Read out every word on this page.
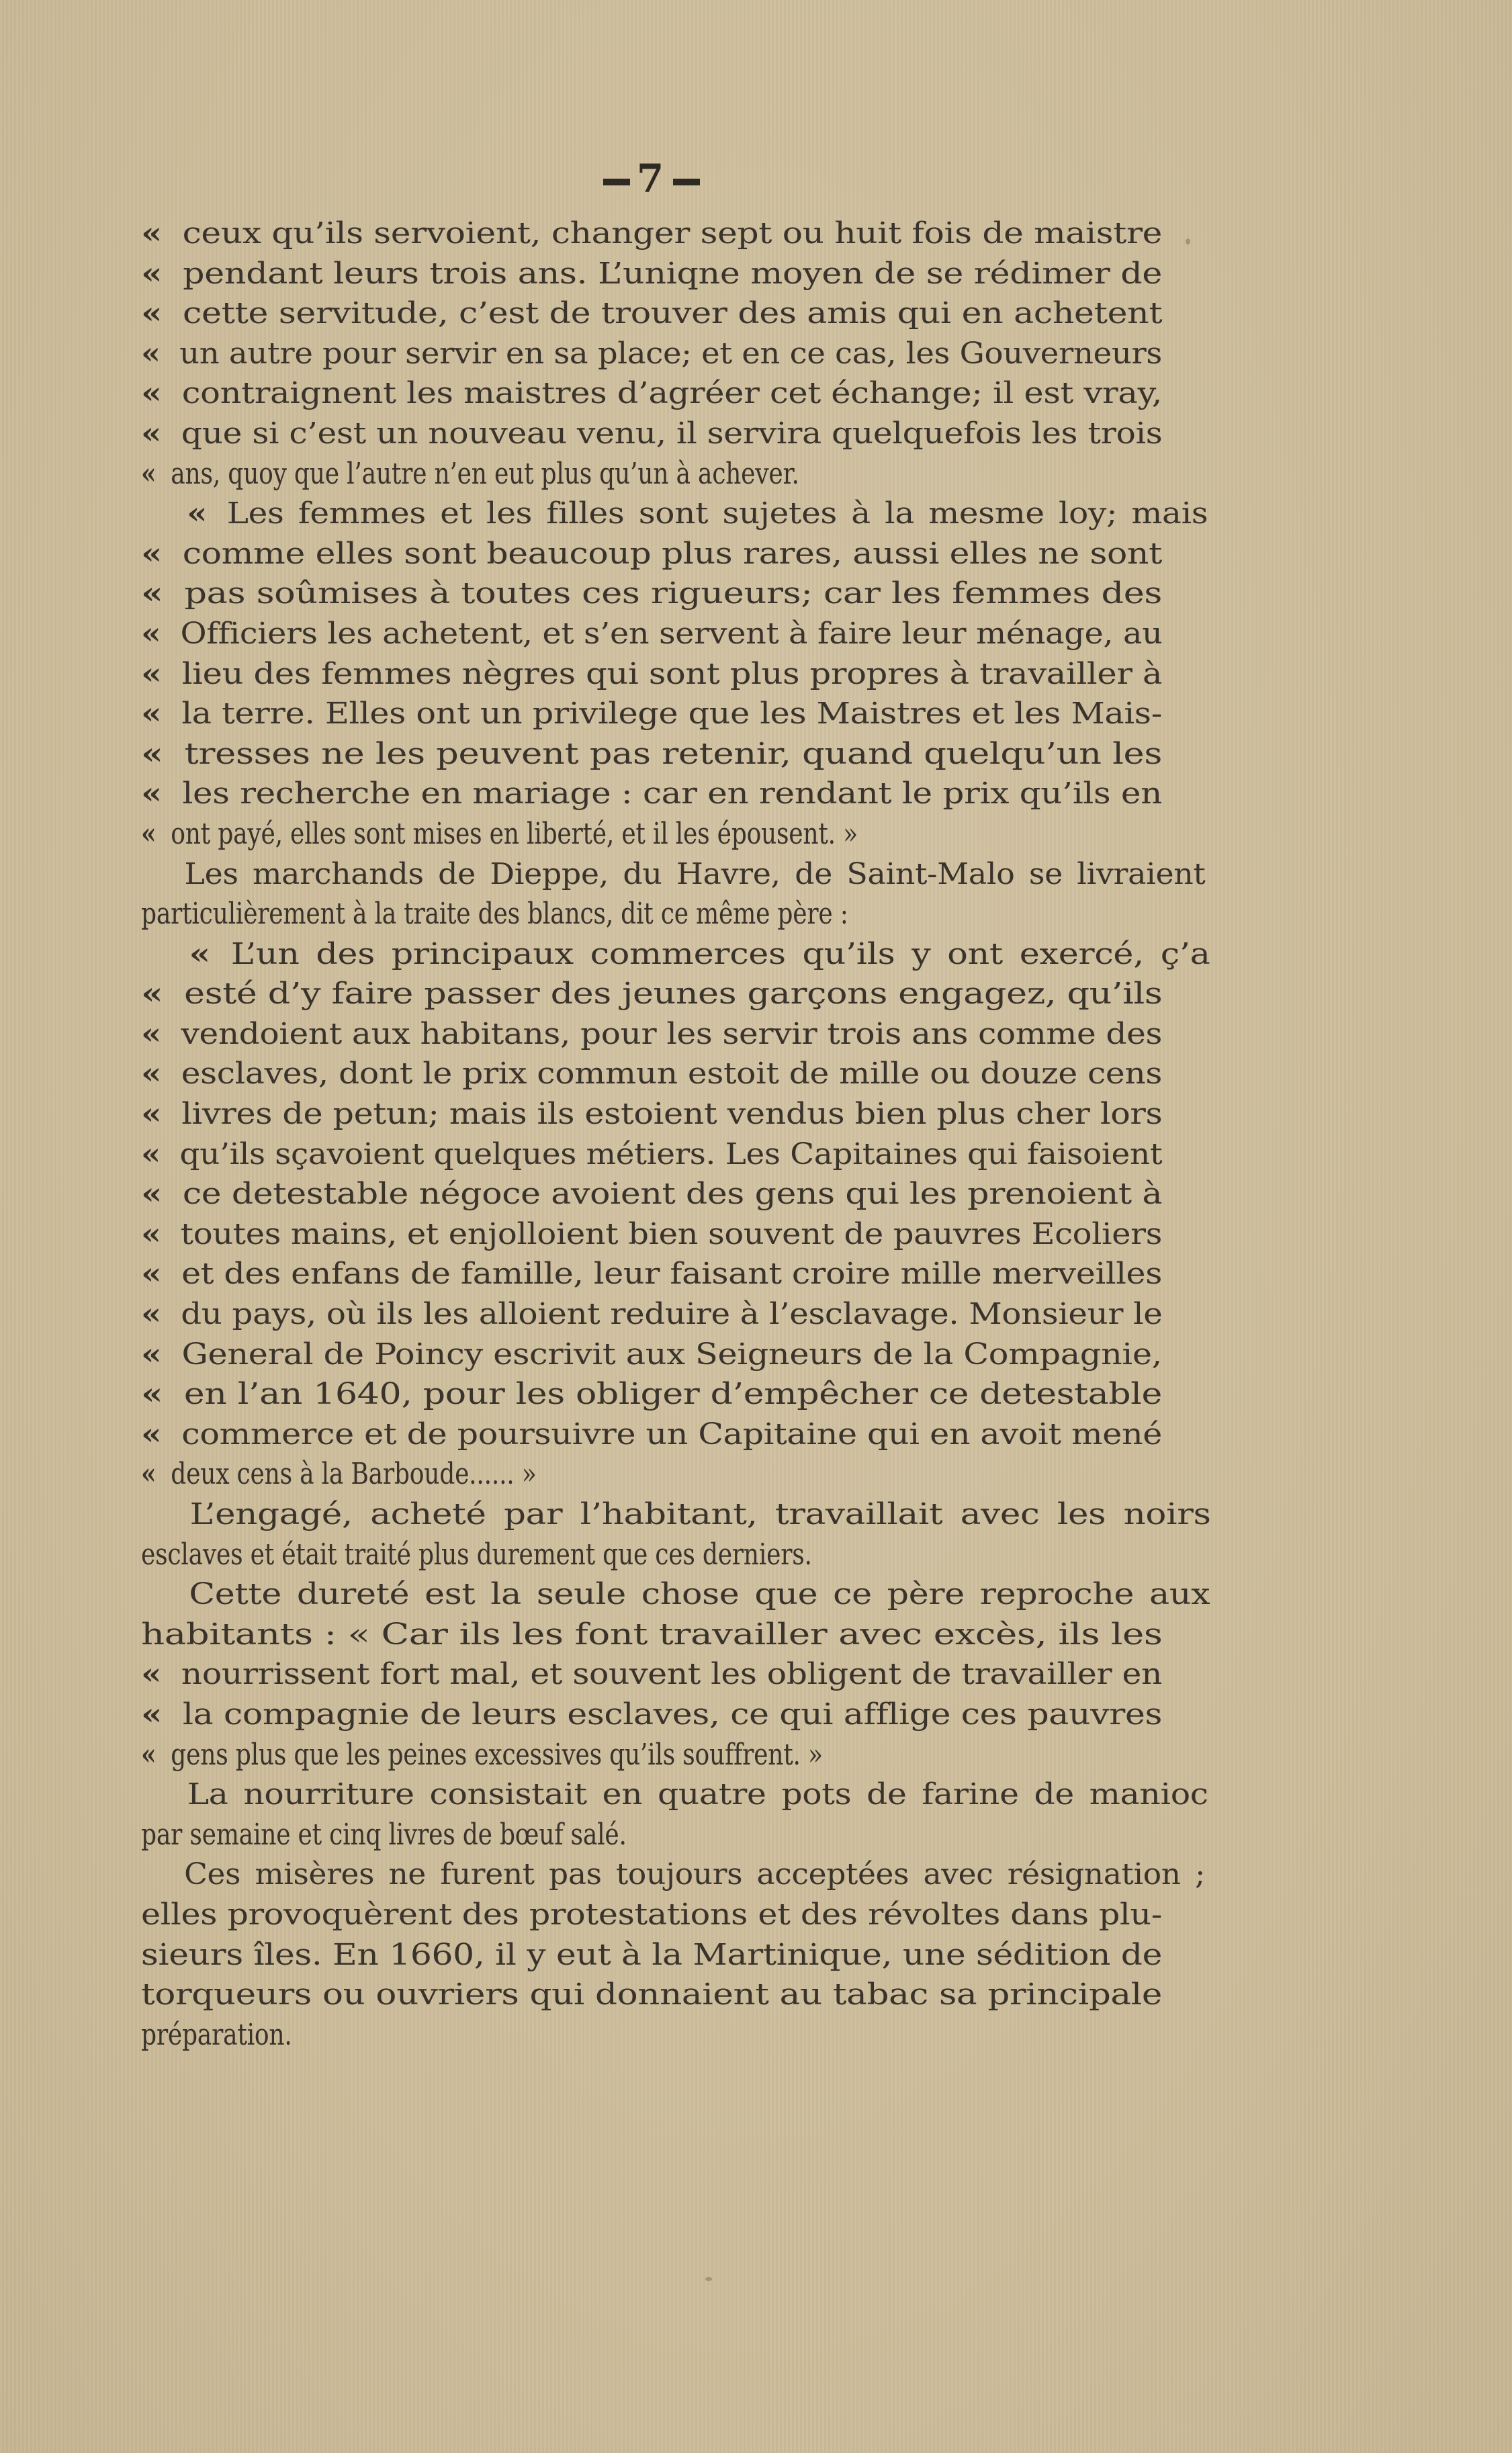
7
« ceux qu’ils servoient, changer sept ou huit fois de maistre
« pendant leurs trois ans. L’uniqne moyen de se rédimer de
« cette servitude, c’est de trouver des amis qui en achetent
« un autre pour servir en sa place; et en ce cas, les Gouverneurs
« contraignent les maistres d’agréer cet échange; il est vray,
« que si c’est un nouveau venu, il servira quelquefois les trois
« ans, quoy que l’autre n’en eut plus qu’un à achever.
« Les femmes et les filles sont sujetes à la mesme loy; mais
« comme elles sont beaucoup plus rares, aussi elles ne sont
« pas soûmises à toutes ces rigueurs; car les femmes des
« Officiers les achetent, et s’en servent à faire leur ménage, au
« lieu des femmes nègres qui sont plus propres à travailler à
« la terre. Elles ont un privilege que les Maistres et les Mais-
« tresses ne les peuvent pas retenir, quand quelqu’un les
« les recherche en mariage : car en rendant le prix qu’ils en
« ont payé, elles sont mises en liberté, et il les épousent. »
Les marchands de Dieppe, du Havre, de Saint-Malo se livraient
particulièrement à la traite des blancs, dit ce même père :
« L’un des principaux commerces qu’ils y ont exercé, ç’a
« esté d’y faire passer des jeunes garçons engagez, qu’ils
« vendoient aux habitans, pour les servir trois ans comme des
« esclaves, dont le prix commun estoit de mille ou douze cens
« livres de petun; mais ils estoient vendus bien plus cher lors
« qu’ils sçavoient quelques métiers. Les Capitaines qui faisoient
« ce detestable négoce avoient des gens qui les prenoient à
« toutes mains, et enjolloient bien souvent de pauvres Ecoliers
« et des enfans de famille, leur faisant croire mille merveilles
« du pays, où ils les alloient reduire à l’esclavage. Monsieur le
« General de Poincy escrivit aux Seigneurs de la Compagnie,
« en l’an 1640, pour les obliger d’empêcher ce detestable
« commerce et de poursuivre un Capitaine qui en avoit mené
« deux cens à la Barboude...... »
L’engagé, acheté par l’habitant, travaillait avec les noirs
esclaves et était traité plus durement que ces derniers.
Cette dureté est la seule chose que ce père reproche aux
habitants : « Car ils les font travailler avec excès, ils les
« nourrissent fort mal, et souvent les obligent de travailler en
« la compagnie de leurs esclaves, ce qui afflige ces pauvres
« gens plus que les peines excessives qu’ils souffrent. »
La nourriture consistait en quatre pots de farine de manioc
par semaine et cinq livres de bœuf salé.
Ces misères ne furent pas toujours acceptées avec résignation ;
elles provoquèrent des protestations et des révoltes dans plu-
sieurs îles. En 1660, il y eut à la Martinique, une sédition de
torqueurs ou ouvriers qui donnaient au tabac sa principale
préparation.
